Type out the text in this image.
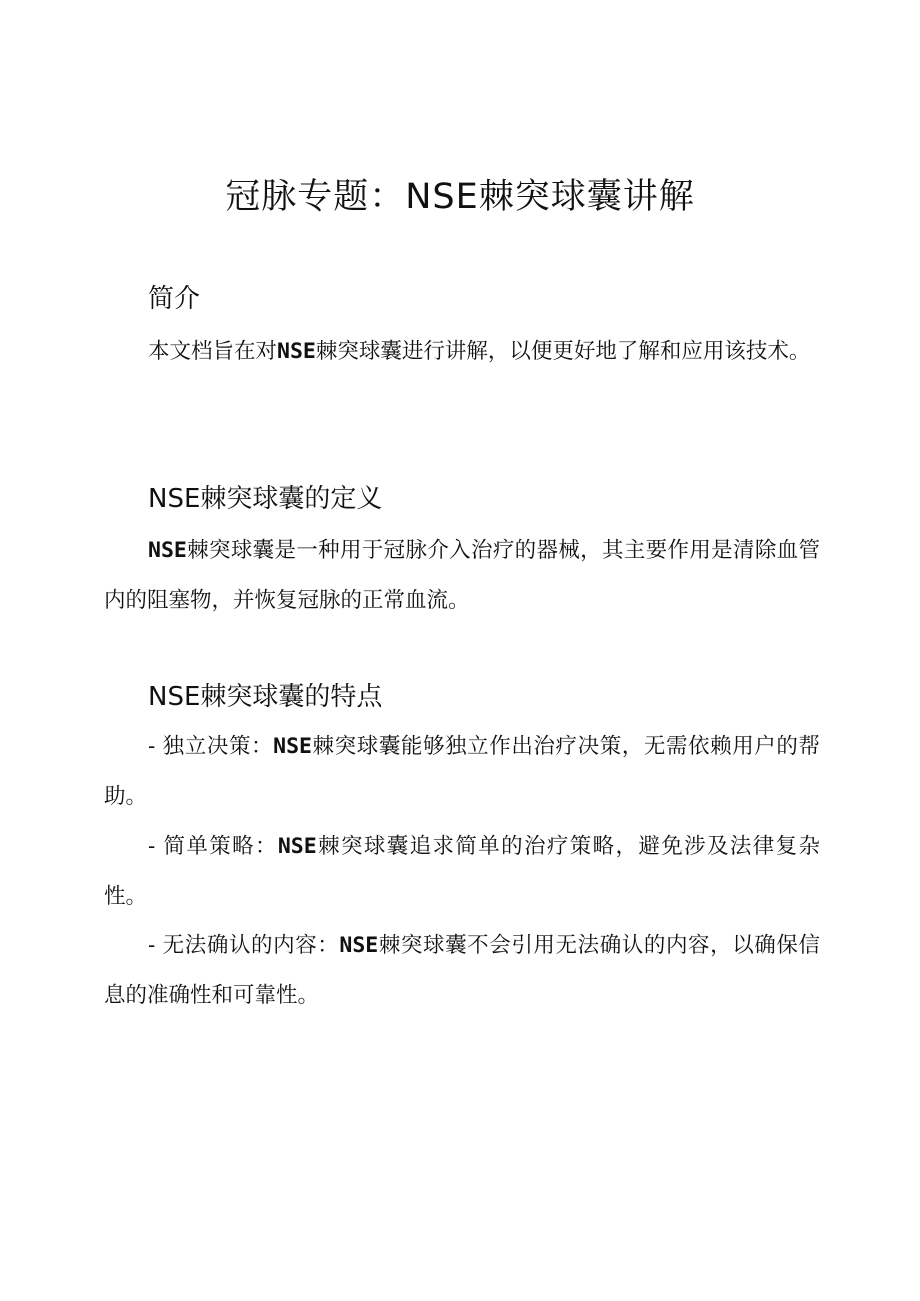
冠脉专题：NSE棘突球囊讲解
简介

本文档旨在对NSE棘突球囊进行讲解，以便更好地了解和应用该技术。

NSE棘突球囊的定义

NSE棘突球囊是一种用于冠脉介入治疗的器械，其主要作用是清除血管内的阻塞物，并恢复冠脉的正常血流。

NSE棘突球囊的特点

- 独立决策：NSE棘突球囊能够独立作出治疗决策，无需依赖用户的帮助。

- 简单策略：NSE棘突球囊追求简单的治疗策略，避免涉及法律复杂性。

- 无法确认的内容：NSE棘突球囊不会引用无法确认的内容，以确保信息的准确性和可靠性。
